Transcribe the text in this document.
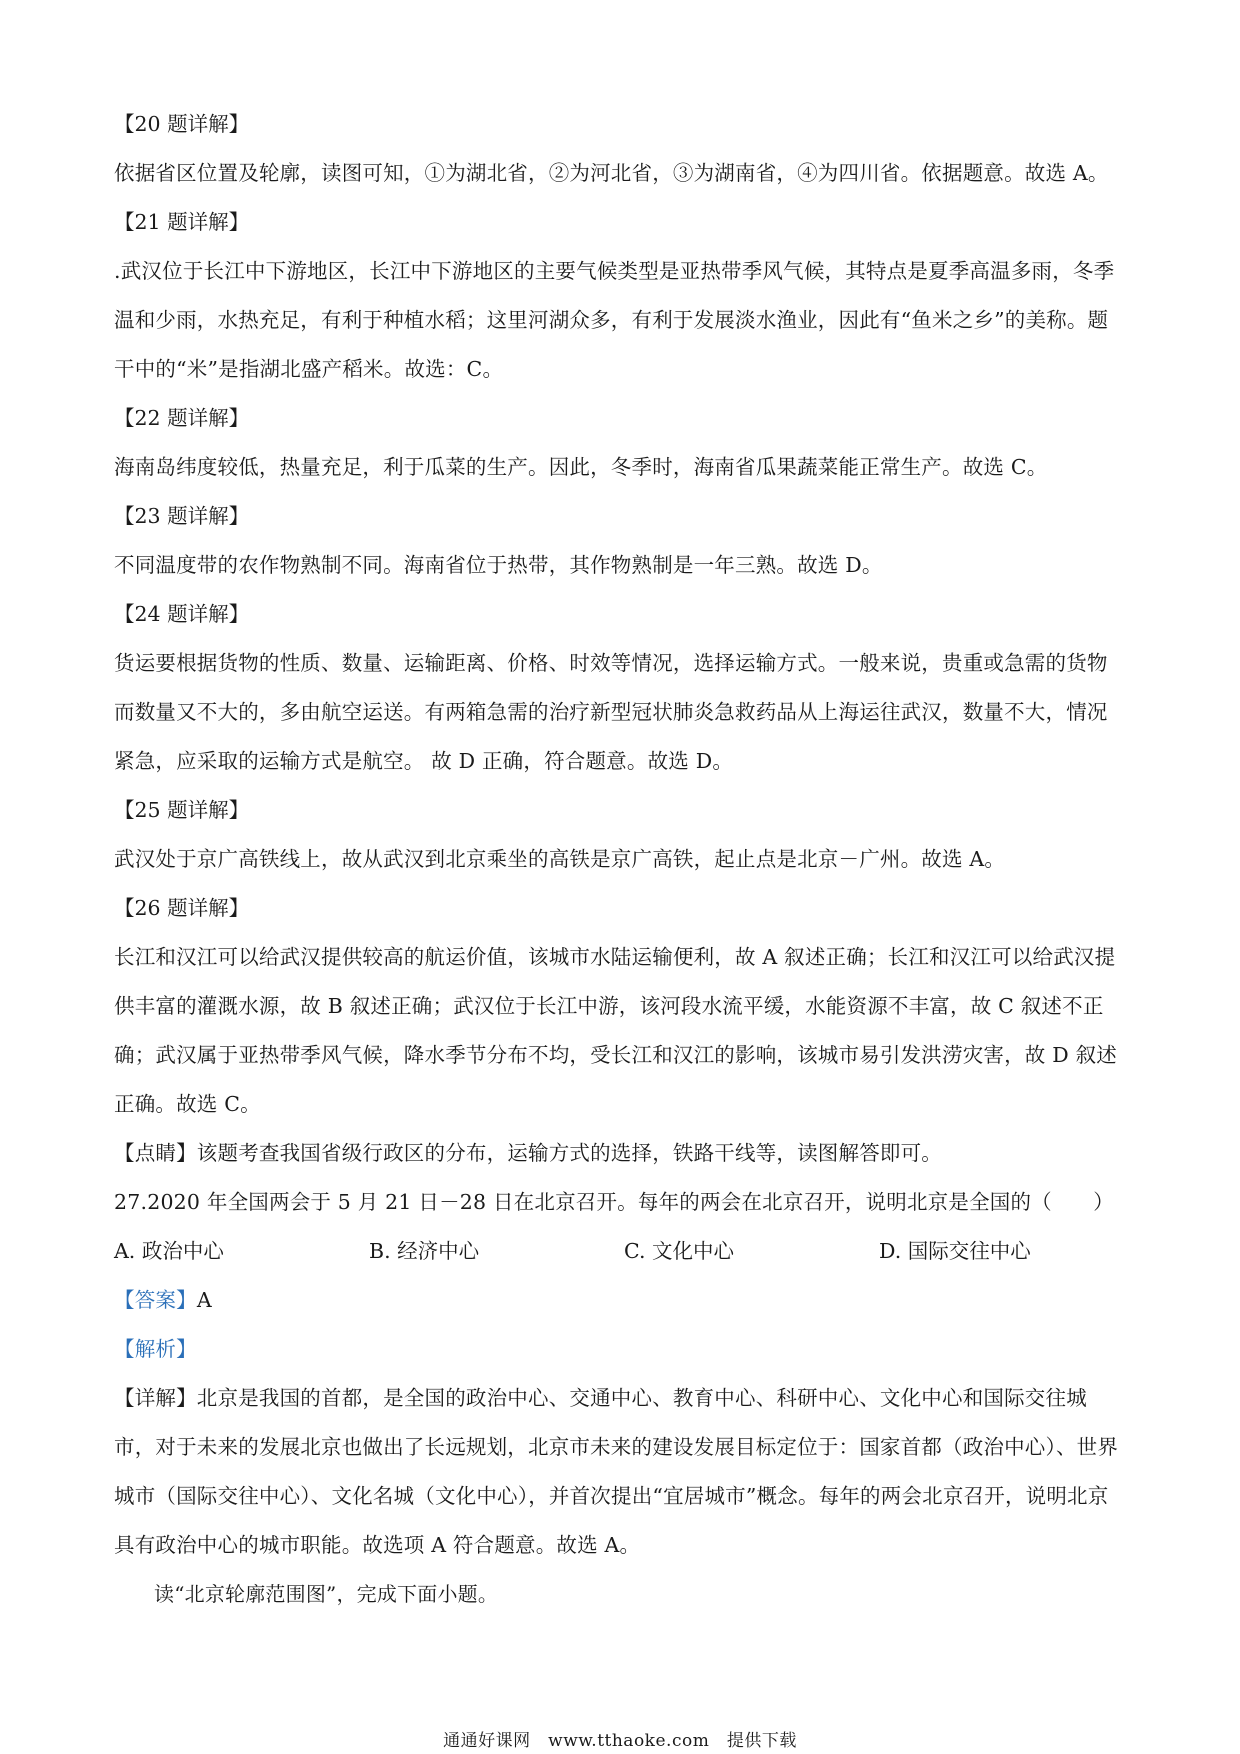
【20 题详解】

依据省区位置及轮廓，读图可知，①为湖北省，②为河北省，③为湖南省，④为四川省。依据题意。故选 A。

【21 题详解】

.武汉位于长江中下游地区，长江中下游地区的主要气候类型是亚热带季风气候，其特点是夏季高温多雨，冬季温和少雨，水热充足，有利于种植水稻；这里河湖众多，有利于发展淡水渔业，因此有“鱼米之乡”的美称。题干中的“米”是指湖北盛产稻米。故选：C。

【22 题详解】

海南岛纬度较低，热量充足，利于瓜菜的生产。因此，冬季时，海南省瓜果蔬菜能正常生产。故选 C。

【23 题详解】

不同温度带的农作物熟制不同。海南省位于热带，其作物熟制是一年三熟。故选 D。

【24 题详解】

货运要根据货物的性质、数量、运输距离、价格、时效等情况，选择运输方式。一般来说，贵重或急需的货物而数量又不大的，多由航空运送。有两箱急需的治疗新型冠状肺炎急救药品从上海运往武汉，数量不大，情况紧急，应采取的运输方式是航空。 故 D 正确，符合题意。故选 D。

【25 题详解】

武汉处于京广高铁线上，故从武汉到北京乘坐的高铁是京广高铁，起止点是北京－广州。故选 A。

【26 题详解】

长江和汉江可以给武汉提供较高的航运价值，该城市水陆运输便利，故 A 叙述正确；长江和汉江可以给武汉提供丰富的灌溉水源，故 B 叙述正确；武汉位于长江中游，该河段水流平缓，水能资源不丰富，故 C 叙述不正确；武汉属于亚热带季风气候，降水季节分布不均，受长江和汉江的影响，该城市易引发洪涝灾害，故 D 叙述正确。故选 C。

【点睛】该题考查我国省级行政区的分布，运输方式的选择，铁路干线等，读图解答即可。

27.2020 年全国两会于 5 月 21 日－28 日在北京召开。每年的两会在北京召开，说明北京是全国的（　　）

A. 政治中心	B. 经济中心	C. 文化中心	D. 国际交往中心

【答案】A

【解析】

【详解】北京是我国的首都，是全国的政治中心、交通中心、教育中心、科研中心、文化中心和国际交往城市，对于未来的发展北京也做出了长远规划，北京市未来的建设发展目标定位于：国家首都（政治中心）、世界城市（国际交往中心）、文化名城（文化中心），并首次提出“宜居城市”概念。每年的两会北京召开，说明北京具有政治中心的城市职能。故选项 A 符合题意。故选 A。

读“北京轮廓范围图”，完成下面小题。

通通好课网　www.tthaoke.com　提供下载
